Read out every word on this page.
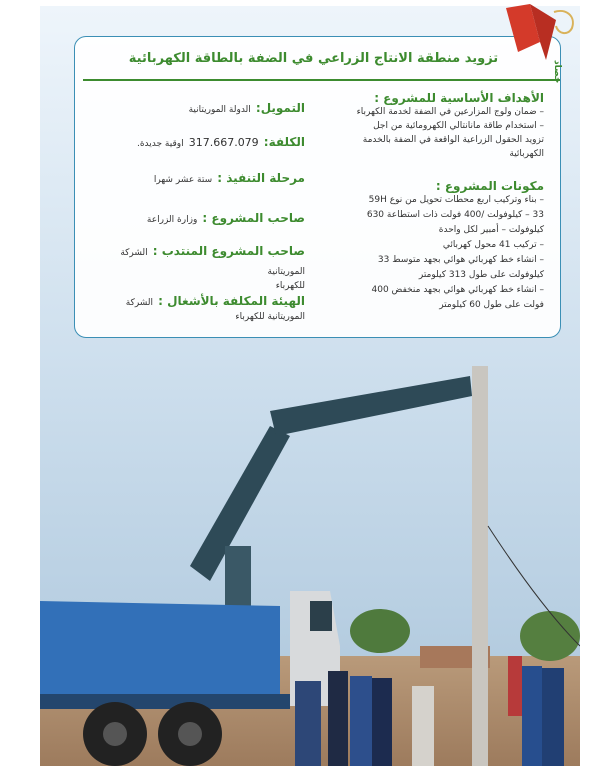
تزويد منطقة الانتاج الزراعي في الضفة بالطاقة الكهربائية
الأهداف الأساسية للمشروع :
– ضمان ولوج المزارعين في الضفة لخدمة الكهرباء
– استخدام طاقة مانانتالي الكهرومائية من اجل
تزويد الحقول الزراعية الواقعة في الضفة بالخدمة
الكهربائية
مكونات المشروع :
– بناء وتركيب اربع محطات تحويل من نوع 59H
33 – كيلوفولت /400 فولت ذات استطاعة 630
كيلوفولت – أمبير لكل واحدة
– تركيب 41 محول كهربائي
– انشاء خط كهربائي هوائي بجهد متوسط 33
كيلوفولت على طول 313 كيلومتر
– انشاء خط كهربائي هوائي بجهد منخفض 400
فولت على طول 60 كيلومتر
التمويل: الدولة الموريتانية
الكلفة: 317.667.079 اوقية جديدة.
مرحلة التنفيذ : ستة عشر شهرا
صاحب المشروع : وزارة الزراعة
صاحب المشروع المنتدب : الشركة الموريتانية
للكهرباء
الهيئة المكلفة بالأشغال : الشركة
الموريتانية للكهرباء
حصاد
